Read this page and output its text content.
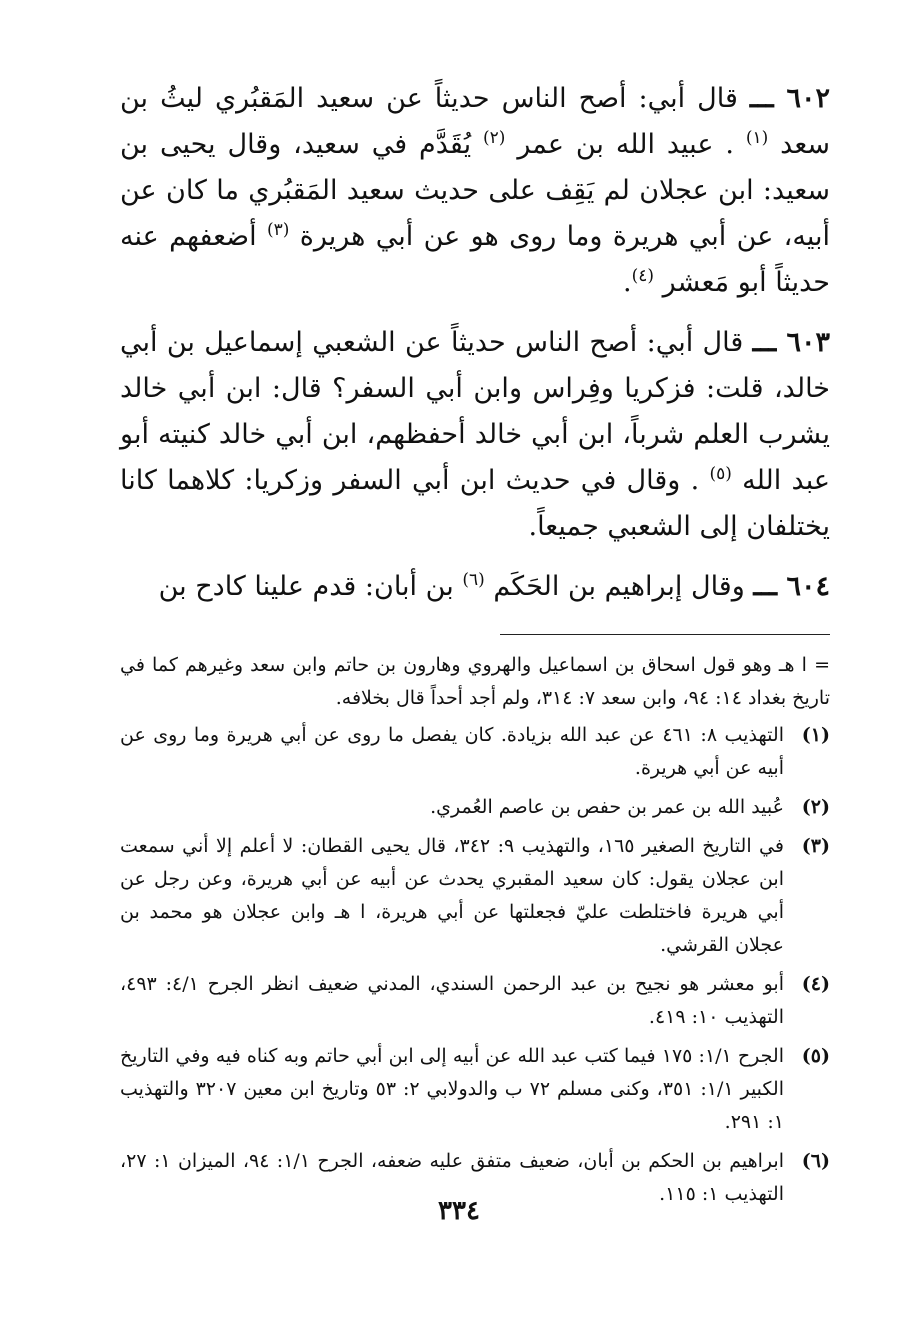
٦٠٢ ـــ قال أبي: أصح الناس حديثاً عن سعيد المَقبُري ليثُ بن سعد $^{(١)}$ . عبيد الله بن عمر $^{(٢)}$ يُقَدَّم في سعيد، وقال يحيى بن سعيد: ابن عجلان لم يَقِف على حديث سعيد المَقبُري ما كان عن أبيه، عن أبي هريرة وما روى هو عن أبي هريرة $^{(٣)}$ أضعفهم عنه حديثاً أبو مَعشر $^{(٤)}$.

٦٠٣ ـــ قال أبي: أصح الناس حديثاً عن الشعبي إسماعيل بن أبي خالد، قلت: فزكريا وفِراس وابن أبي السفر؟ قال: ابن أبي خالد يشرب العلم شرباً، ابن أبي خالد أحفظهم، ابن أبي خالد كنيته أبو عبد الله $^{(٥)}$ . وقال في حديث ابن أبي السفر وزكريا: كلاهما كانا يختلفان إلى الشعبي جميعاً.

٦٠٤ ـــ وقال إبراهيم بن الحَكَم $^{(٦)}$ بن أبان: قدم علينا كادح بن

= ا هـ وهو قول اسحاق بن اسماعيل والهروي وهارون بن حاتم وابن سعد وغيرهم كما في تاريخ بغداد ١٤: ٩٤، وابن سعد ٧: ٣١٤، ولم أجد أحداً قال بخلافه.
(١)
التهذيب ٨: ٤٦١ عن عبد الله بزيادة. كان يفصل ما روى عن أبي هريرة وما روى عن أبيه عن أبي هريرة.
(٢)
عُبيد الله بن عمر بن حفص بن عاصم العُمري.
(٣)
في التاريخ الصغير ١٦٥، والتهذيب ٩: ٣٤٢، قال يحيى القطان: لا أعلم إلا أني سمعت ابن عجلان يقول: كان سعيد المقبري يحدث عن أبيه عن أبي هريرة، وعن رجل عن أبي هريرة فاختلطت عليّ فجعلتها عن أبي هريرة، ا هـ وابن عجلان هو محمد بن عجلان القرشي.
(٤)
أبو معشر هو نجيح بن عبد الرحمن السندي، المدني ضعيف انظر الجرح ٤/١: ٤٩٣، التهذيب ١٠: ٤١٩.
(٥)
الجرح ١/١: ١٧٥ فيما كتب عبد الله عن أبيه إلى ابن أبي حاتم وبه كناه فيه وفي التاريخ الكبير ١/١: ٣٥١، وكنى مسلم ٧٢ ب والدولابي ٢: ٥٣ وتاريخ ابن معين ٣٢٠٧ والتهذيب ١: ٢٩١.
(٦)
ابراهيم بن الحكم بن أبان، ضعيف متفق عليه ضعفه، الجرح ١/١: ٩٤، الميزان ١: ٢٧، التهذيب ١: ١١٥.
٣٣٤
